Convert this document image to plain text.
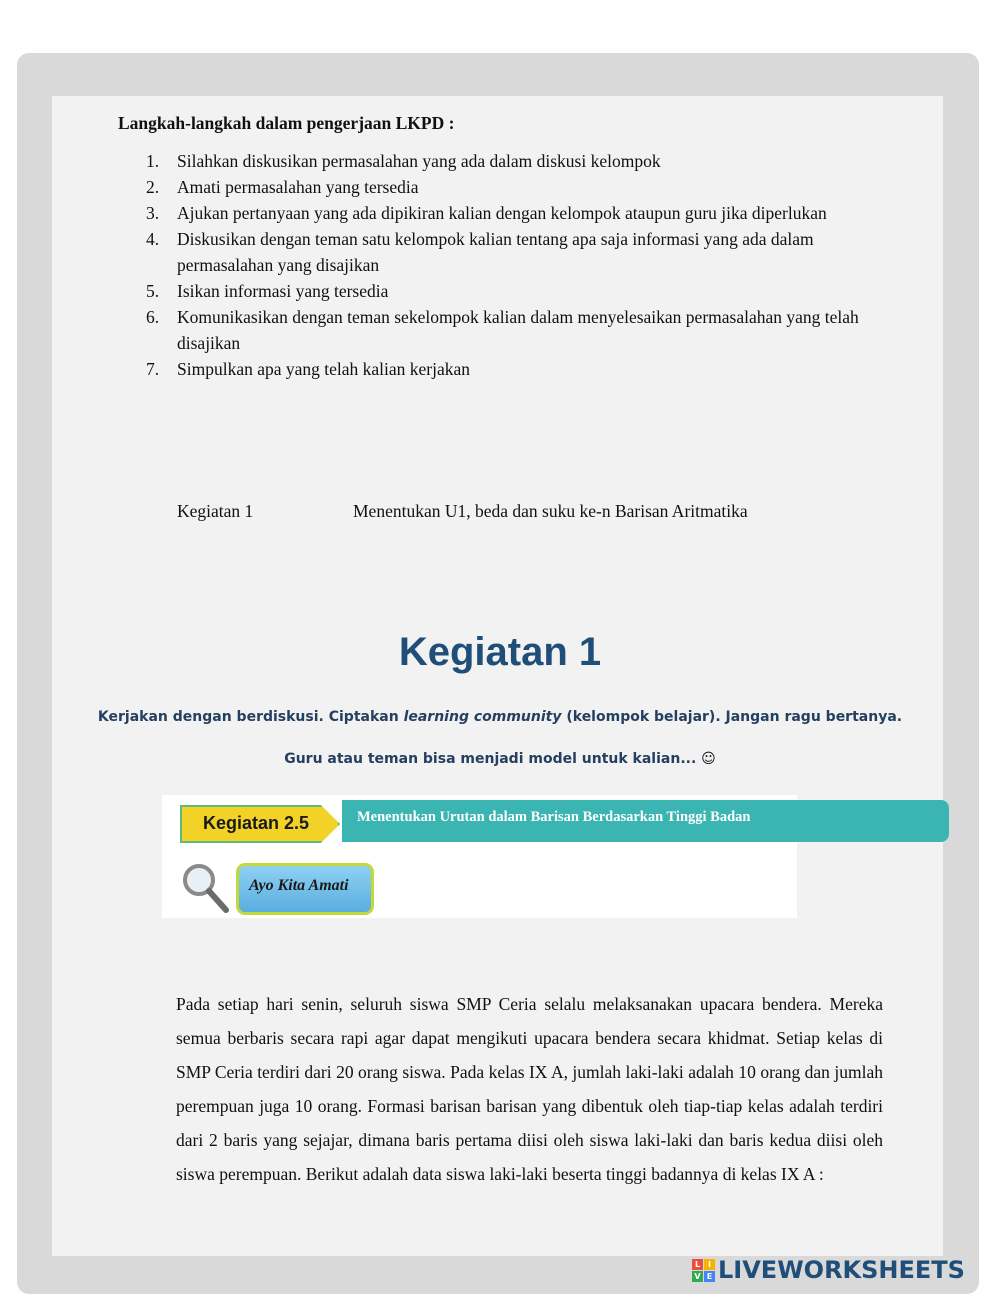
Langkah-langkah dalam pengerjaan LKPD :
1. Silahkan diskusikan permasalahan yang ada dalam diskusi kelompok
2. Amati permasalahan yang tersedia
3. Ajukan pertanyaan yang ada dipikiran kalian dengan kelompok ataupun guru jika diperlukan
4. Diskusikan dengan teman satu kelompok kalian tentang apa saja informasi yang ada dalam permasalahan yang disajikan
5. Isikan informasi yang tersedia
6. Komunikasikan dengan teman sekelompok kalian dalam menyelesaikan permasalahan yang telah disajikan
7. Simpulkan apa yang telah kalian kerjakan
Kegiatan 1	Menentukan U1, beda dan suku ke-n Barisan Aritmatika
Kegiatan 1
Kerjakan dengan berdiskusi. Ciptakan learning community (kelompok belajar). Jangan ragu bertanya.
Guru atau teman bisa menjadi model untuk kalian... ☺
Menentukan Urutan dalam Barisan Berdasarkan Tinggi Badan
Kegiatan 2.5
Ayo Kita Amati

Pada setiap hari senin, seluruh siswa SMP Ceria selalu melaksanakan upacara bendera. Mereka semua berbaris secara rapi agar dapat mengikuti upacara bendera secara khidmat. Setiap kelas di SMP Ceria terdiri dari 20 orang siswa. Pada kelas IX A, jumlah laki-laki adalah 10 orang dan jumlah perempuan juga 10 orang. Formasi barisan barisan yang dibentuk oleh tiap-tiap kelas adalah terdiri dari 2 baris yang sejajar, dimana baris pertama diisi oleh siswa laki-laki dan baris kedua diisi oleh siswa perempuan. Berikut adalah data siswa laki-laki beserta tinggi badannya di kelas IX A :

L I
V E LIVEWORKSHEETS
